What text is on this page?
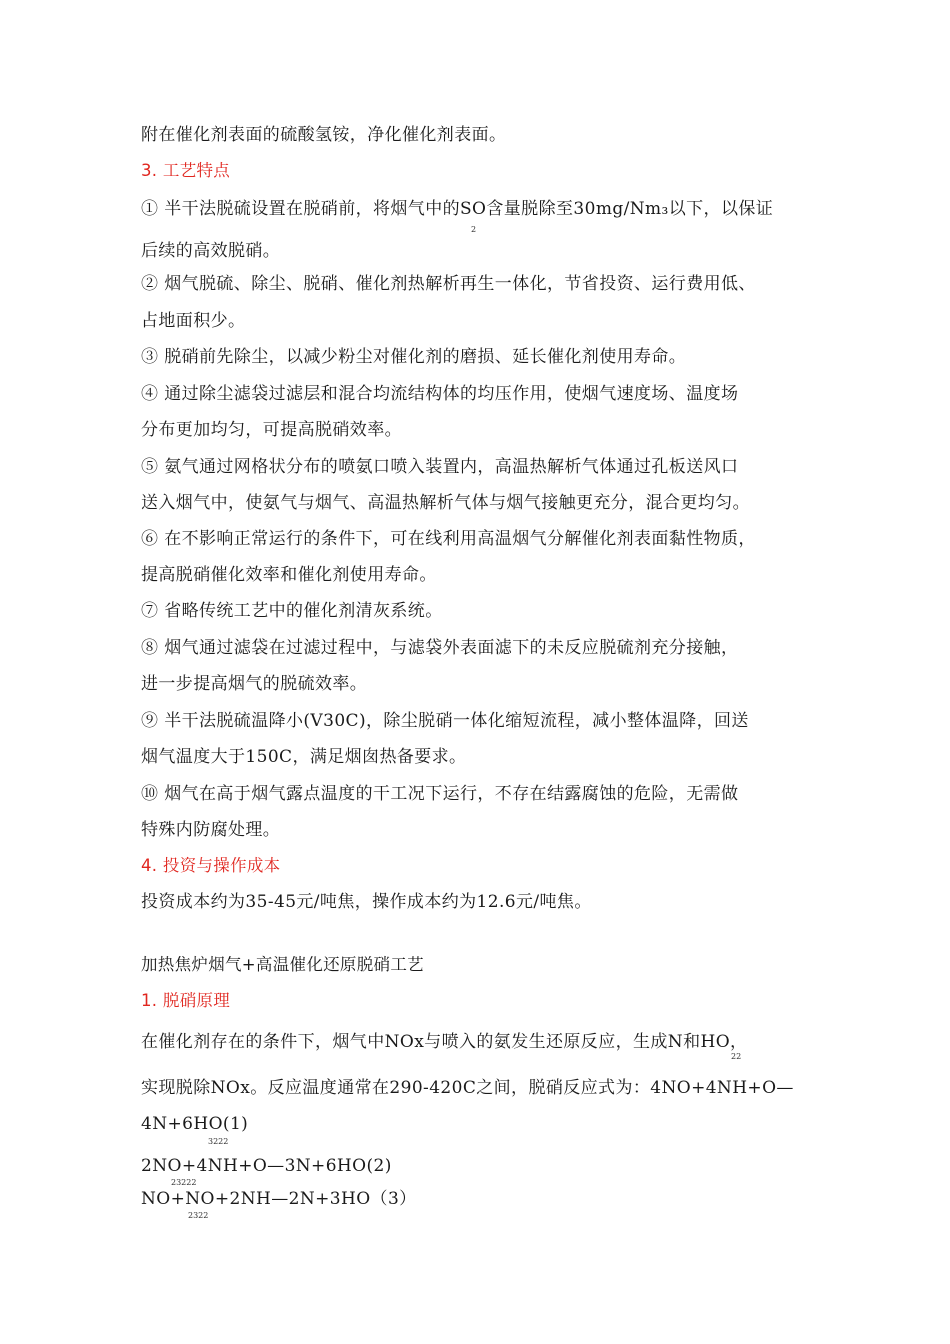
附在催化剂表面的硫酸氢铵，净化催化剂表面。
3. 工艺特点
① 半干法脱硫设置在脱硝前，将烟气中的SO含量脱除至30mg/Nm₃以下，以保证
2
后续的高效脱硝。
② 烟气脱硫、除尘、脱硝、催化剂热解析再生一体化，节省投资、运行费用低、
占地面积少。
③ 脱硝前先除尘，以减少粉尘对催化剂的磨损、延长催化剂使用寿命。
④ 通过除尘滤袋过滤层和混合均流结构体的均压作用，使烟气速度场、温度场
分布更加均匀，可提高脱硝效率。
⑤ 氨气通过网格状分布的喷氨口喷入装置内，高温热解析气体通过孔板送风口
送入烟气中，使氨气与烟气、高温热解析气体与烟气接触更充分，混合更均匀。
⑥ 在不影响正常运行的条件下，可在线利用高温烟气分解催化剂表面黏性物质，
提高脱硝催化效率和催化剂使用寿命。
⑦ 省略传统工艺中的催化剂清灰系统。
⑧ 烟气通过滤袋在过滤过程中，与滤袋外表面滤下的未反应脱硫剂充分接触，
进一步提高烟气的脱硫效率。
⑨ 半干法脱硫温降小(V30C)，除尘脱硝一体化缩短流程，减小整体温降，回送
烟气温度大于150C，满足烟囱热备要求。
⑩ 烟气在高于烟气露点温度的干工况下运行，不存在结露腐蚀的危险，无需做
特殊内防腐处理。
4. 投资与操作成本
投资成本约为35-45元/吨焦，操作成本约为12.6元/吨焦。
加热焦炉烟气+高温催化还原脱硝工艺
1. 脱硝原理
在催化剂存在的条件下，烟气中NOx与喷入的氨发生还原反应，生成N和HO，
22
实现脱除NOx。反应温度通常在290-420C之间，脱硝反应式为：4NO+4NH+O—
4N+6HO(1)
3222
2NO+4NH+O—3N+6HO(2)
23222
NO+NO+2NH—2N+3HO（3）
2322
